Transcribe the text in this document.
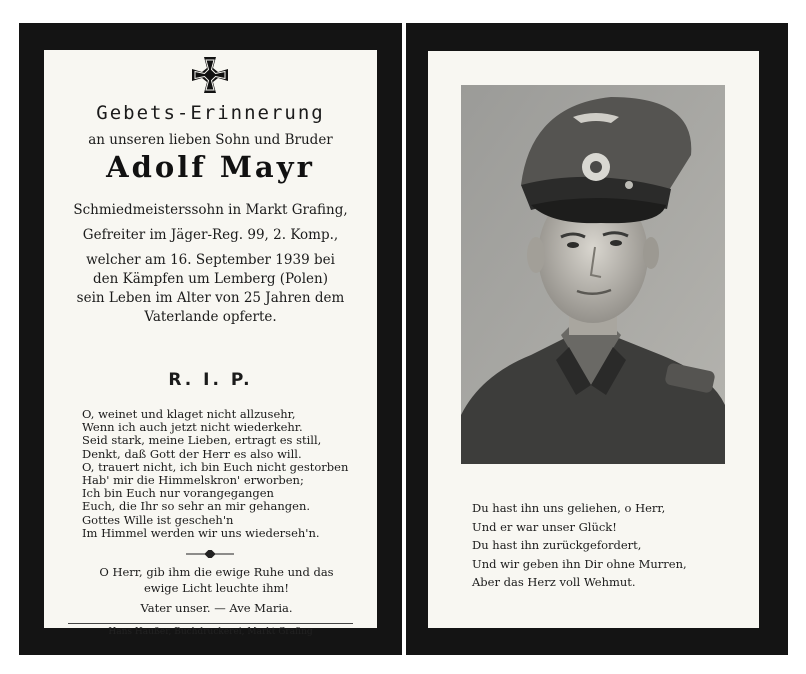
Gebets-Erinnerung
an unseren lieben Sohn und Bruder
Adolf Mayr
Schmiedmeisterssohn in Markt Grafing,
Gefreiter im Jäger-Reg. 99, 2. Komp.,
welcher am 16. September 1939 bei
den Kämpfen um Lemberg (Polen)
sein Leben im Alter von 25 Jahren dem
Vaterlande opferte.
R. I. P.
O, weinet und klaget nicht allzusehr,
Wenn ich auch jetzt nicht wiederkehr.
Seid stark, meine Lieben, ertragt es still,
Denkt, daß Gott der Herr es also will.
O, trauert nicht, ich bin Euch nicht gestorben
Hab' mir die Himmelskron' erworben;
Ich bin Euch nur vorangegangen
Euch, die Ihr so sehr an mir gehangen.
Gottes Wille ist gescheh'n
Im Himmel werden wir uns wiederseh'n.
O Herr, gib ihm die ewige Ruhe und das
ewige Licht leuchte ihm!
Vater unser. — Ave Maria.
Hans Haußer, Buchdruckerei, Markt Grafing
Du hast ihn uns geliehen, o Herr,
Und er war unser Glück!
Du hast ihn zurückgefordert,
Und wir geben ihn Dir ohne Murren,
Aber das Herz voll Wehmut.
